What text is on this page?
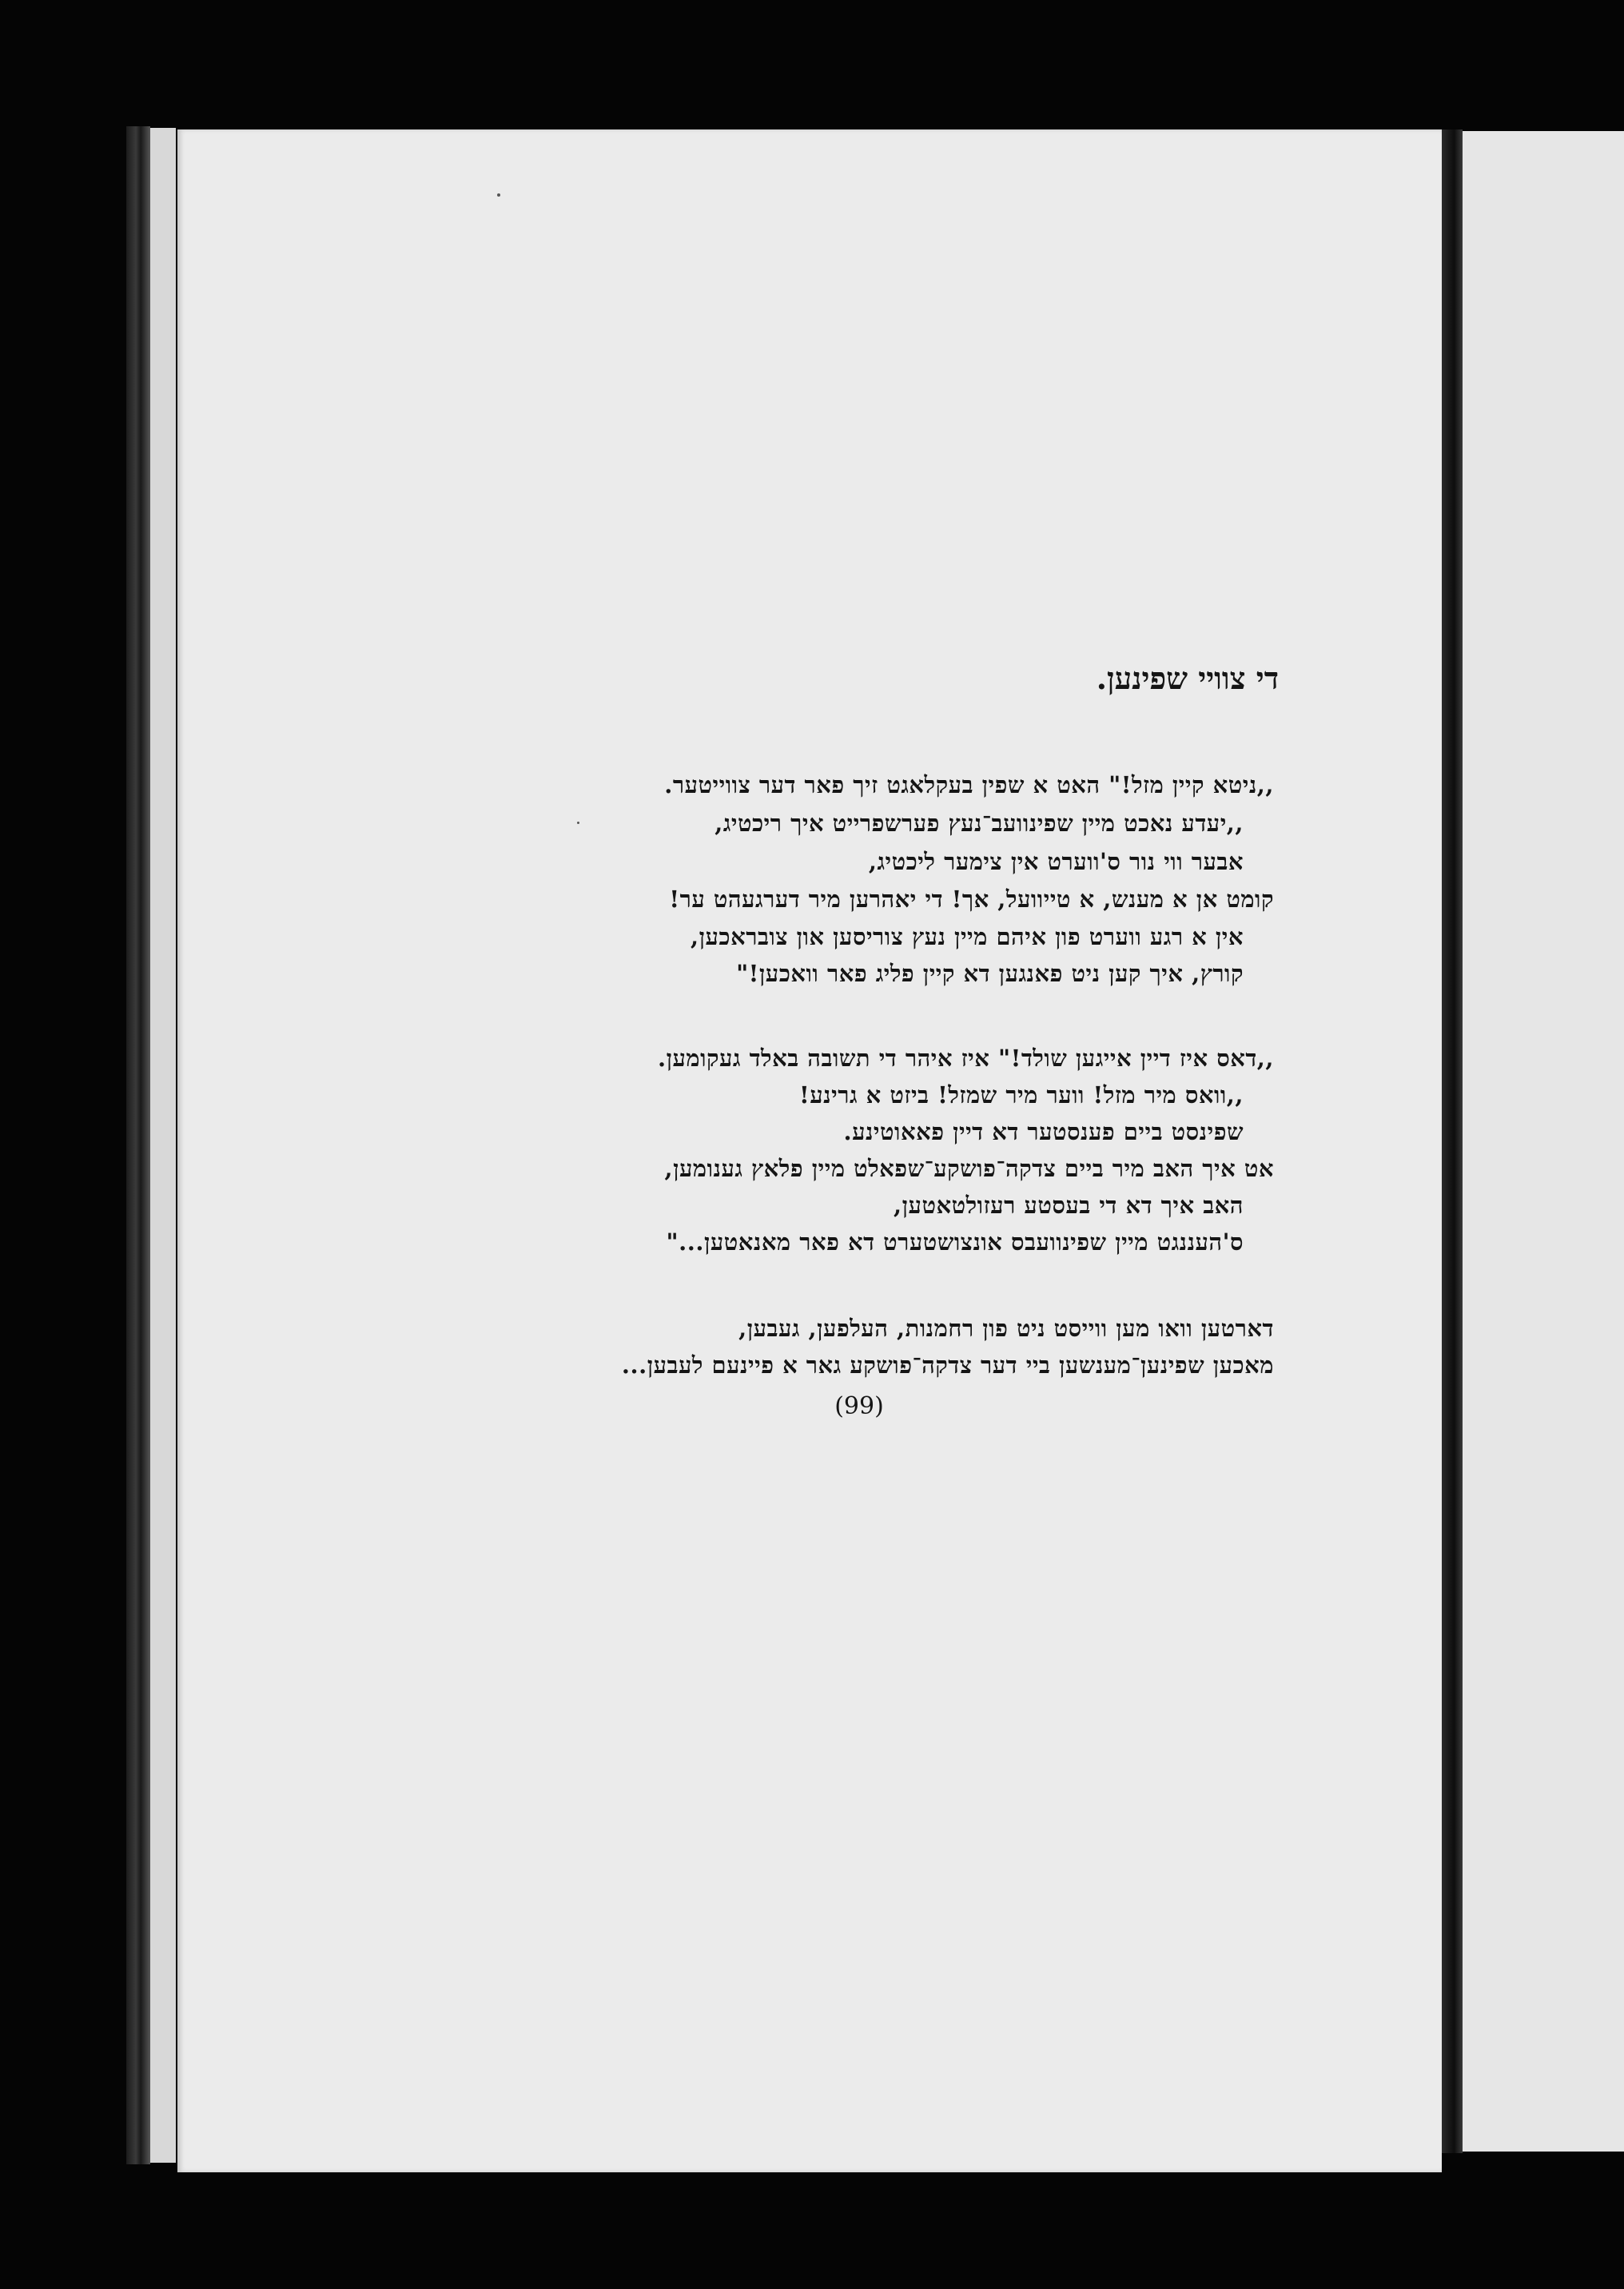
די צוויי שפינען.
,,ניטא קיין מזל!" האט א שפין בעקלאגט זיך פאר דער צווייטער.
,,יעדע נאכט מיין שפינוועב־נעץ פערשפרייט איך ריכטיג,
אבער ווי נור ס'ווערט אין צימער ליכטיג,
קומט אן א מענש, א טייוועל, אך! די יאהרען מיר דערגעהט ער!
אין א רגע ווערט פון איהם מיין נעץ צוריסען און צובראכען,
קורץ, איך קען ניט פאנגען דא קיין פליג פאר וואכען!"
,,דאס איז דיין אייגען שולד!" איז איהר די תשובה באלד געקומען.
,,וואס מיר מזל! ווער מיר שמזל! ביזט א גרינע!
שפינסט ביים פענסטער דא דיין פאאוטינע.
אט איך האב מיר ביים צדקה־פושקע־שפאלט מיין פלאץ גענומען,
האב איך דא די בעסטע רעזולטאטען,
ס'העננגט מיין שפינוועבס אונצושטערט דא פאר מאנאטען..."
דארטען וואו מען ווייסט ניט פון רחמנות, העלפען, געבען,
מאכען שפינען־מענשען ביי דער צדקה־פושקע גאר א פיינעם לעבען...
(99)
